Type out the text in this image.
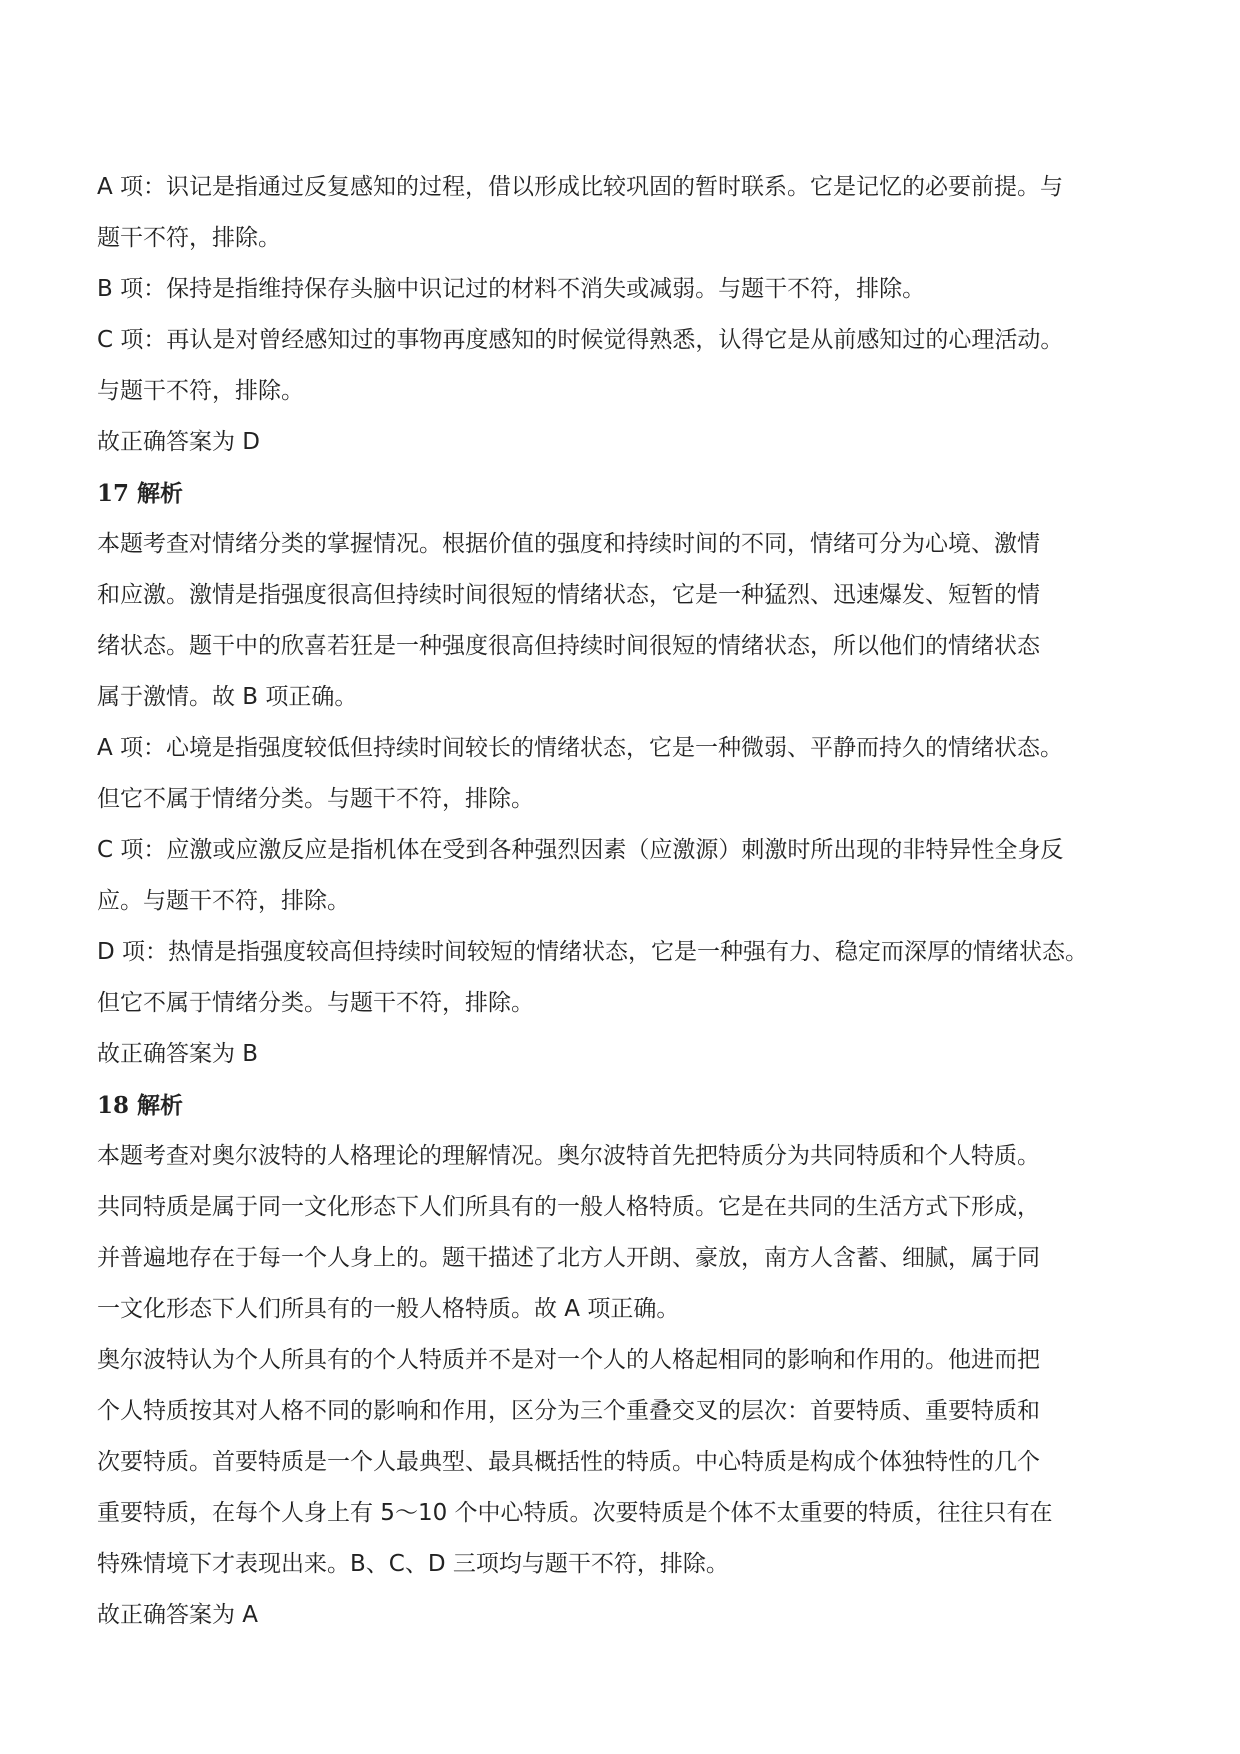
A 项：识记是指通过反复感知的过程，借以形成比较巩固的暂时联系。它是记忆的必要前提。与
题干不符，排除。
B 项：保持是指维持保存头脑中识记过的材料不消失或减弱。与题干不符，排除。
C 项：再认是对曾经感知过的事物再度感知的时候觉得熟悉，认得它是从前感知过的心理活动。
与题干不符，排除。
故正确答案为 D
17 解析
本题考查对情绪分类的掌握情况。根据价值的强度和持续时间的不同，情绪可分为心境、激情
和应激。激情是指强度很高但持续时间很短的情绪状态，它是一种猛烈、迅速爆发、短暂的情
绪状态。题干中的欣喜若狂是一种强度很高但持续时间很短的情绪状态，所以他们的情绪状态
属于激情。故 B 项正确。
A 项：心境是指强度较低但持续时间较长的情绪状态，它是一种微弱、平静而持久的情绪状态。
但它不属于情绪分类。与题干不符，排除。
C 项：应激或应激反应是指机体在受到各种强烈因素（应激源）刺激时所出现的非特异性全身反
应。与题干不符，排除。
D 项：热情是指强度较高但持续时间较短的情绪状态，它是一种强有力、稳定而深厚的情绪状态。
但它不属于情绪分类。与题干不符，排除。
故正确答案为 B
18 解析
本题考查对奥尔波特的人格理论的理解情况。奥尔波特首先把特质分为共同特质和个人特质。
共同特质是属于同一文化形态下人们所具有的一般人格特质。它是在共同的生活方式下形成，
并普遍地存在于每一个人身上的。题干描述了北方人开朗、豪放，南方人含蓄、细腻，属于同
一文化形态下人们所具有的一般人格特质。故 A 项正确。
奥尔波特认为个人所具有的个人特质并不是对一个人的人格起相同的影响和作用的。他进而把
个人特质按其对人格不同的影响和作用，区分为三个重叠交叉的层次：首要特质、重要特质和
次要特质。首要特质是一个人最典型、最具概括性的特质。中心特质是构成个体独特性的几个
重要特质，在每个人身上有 5～10 个中心特质。次要特质是个体不太重要的特质，往往只有在
特殊情境下才表现出来。B、C、D 三项均与题干不符，排除。
故正确答案为 A
